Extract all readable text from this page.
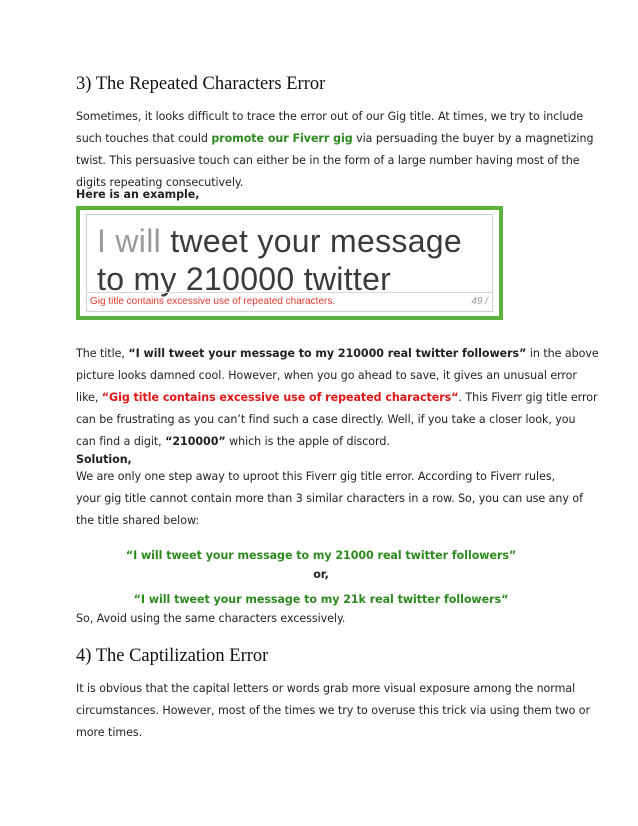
3) The Repeated Characters Error

Sometimes, it looks difficult to trace the error out of our Gig title. At times, we try to include
such touches that could promote our Fiverr gig via persuading the buyer by a magnetizing
twist. This persuasive touch can either be in the form of a large number having most of the
digits repeating consecutively.

Here is an example,

I will tweet your message
to my 210000 twitter
Gig title contains excessive use of repeated characters.	49 /

The title, “I will tweet your message to my 210000 real twitter followers” in the above
picture looks damned cool. However, when you go ahead to save, it gives an unusual error
like, “Gig title contains excessive use of repeated characters“. This Fiverr gig title error
can be frustrating as you can’t find such a case directly. Well, if you take a closer look, you
can find a digit, “210000” which is the apple of discord.

Solution,

We are only one step away to uproot this Fiverr gig title error. According to Fiverr rules,
your gig title cannot contain more than 3 similar characters in a row. So, you can use any of
the title shared below:

“I will tweet your message to my 21000 real twitter followers”

or,

“I will tweet your message to my 21k real twitter followers“

So, Avoid using the same characters excessively.

4) The Captilization Error

It is obvious that the capital letters or words grab more visual exposure among the normal
circumstances. However, most of the times we try to overuse this trick via using them two or
more times.
